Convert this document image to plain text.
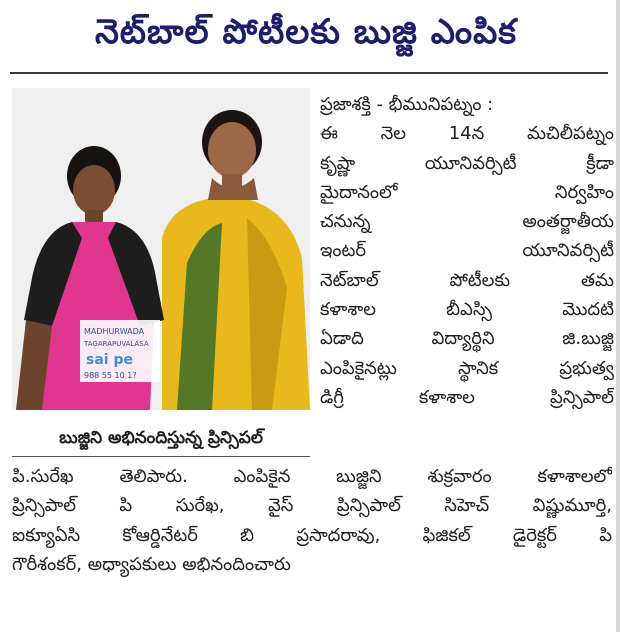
నెట్‌బాల్ పోటీలకు బుజ్జి ఎంపిక
MADHURWADA
TAGARAPUVALASA
sai pe
988 55 10 1?
బుజ్జిని అభినందిస్తున్న ప్రిన్సిపల్
ప్రజాశక్తి - భీమునిపట్నం :
ఈ నెల 14న మచిలీపట్నం
కృష్ణా యూనివర్సిటీ క్రీడా
మైదానంలో నిర్వహిం
చనున్న అంతర్జాతీయ
ఇంటర్ యూనివర్సిటీ
నెట్‌బాల్ పోటీలకు తమ
కళాశాల బీఎస్సి మొదటి
ఏడాది విద్యార్థిని జి.బుజ్జి
ఎంపికైనట్లు స్థానిక ప్రభుత్వ
డిగ్రీ కళాశాల ప్రిన్సిపాల్
పి.సురేఖ తెలిపారు. ఎంపికైన బుజ్జిని శుక్రవారం కళాశాలలో
ప్రిన్సిపాల్ పి సురేఖ, వైస్ ప్రిన్సిపాల్ సిహెచ్ విష్ణుమూర్తి,
ఐక్యూఏసి కోఆర్డినేటర్ బి ప్రసాదరావు, ఫిజికల్ డైరెక్టర్ పి
గౌరీశంకర్, అధ్యాపకులు అభినందించారు
